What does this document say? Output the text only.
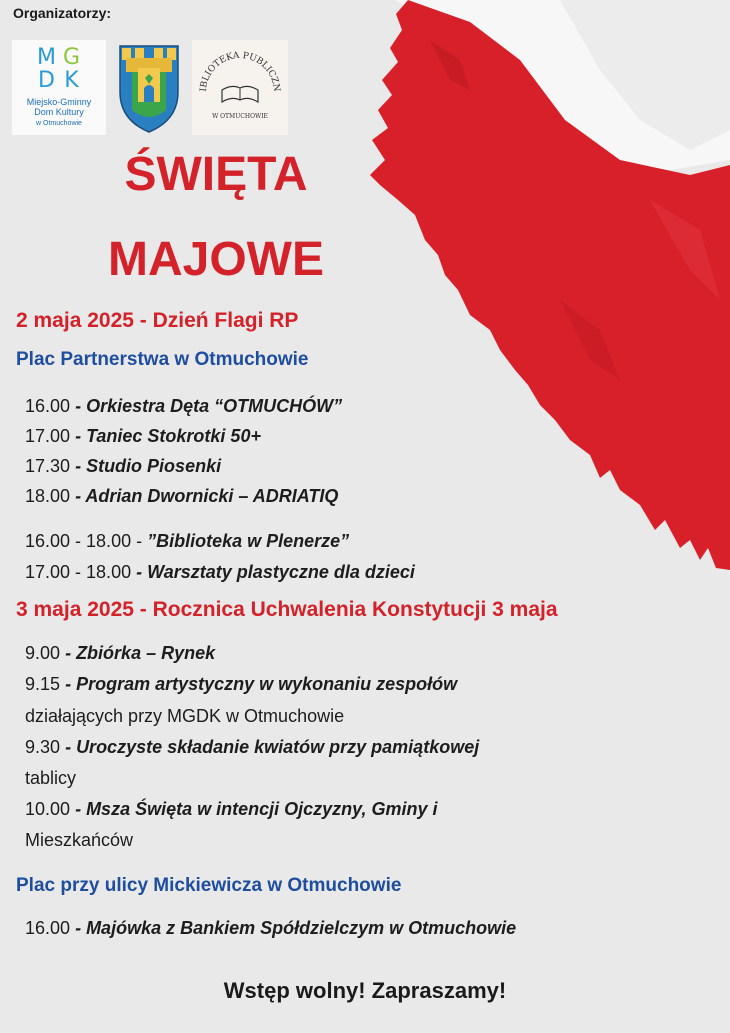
Organizatorzy:
M G
D K
Miejsko-Gminny
Dom Kultury
w Otmuchowie
IBLIOTEKA PUBLICZN
W OTMUCHOWIE
ŚWIĘTA
MAJOWE
2 maja 2025 - Dzień Flagi RP
Plac Partnerstwa w Otmuchowie
16.00 - Orkiestra Dęta “OTMUCHÓW”
17.00 - Taniec Stokrotki 50+
17.30 - Studio Piosenki
18.00 - Adrian Dwornicki – ADRIATIQ
16.00 - 18.00 - ”Biblioteka w Plenerze”
17.00 - 18.00 - Warsztaty plastyczne dla dzieci
3 maja 2025 - Rocznica Uchwalenia Konstytucji 3 maja
9.00 - Zbiórka – Rynek
9.15 - Program artystyczny w wykonaniu zespołów
działających przy MGDK w Otmuchowie
9.30 - Uroczyste składanie kwiatów przy pamiątkowej
tablicy
10.00 - Msza Święta w intencji Ojczyzny, Gminy i
Mieszkańców
Plac przy ulicy Mickiewicza w Otmuchowie
16.00 - Majówka z Bankiem Spółdzielczym w Otmuchowie
Wstęp wolny! Zapraszamy!
